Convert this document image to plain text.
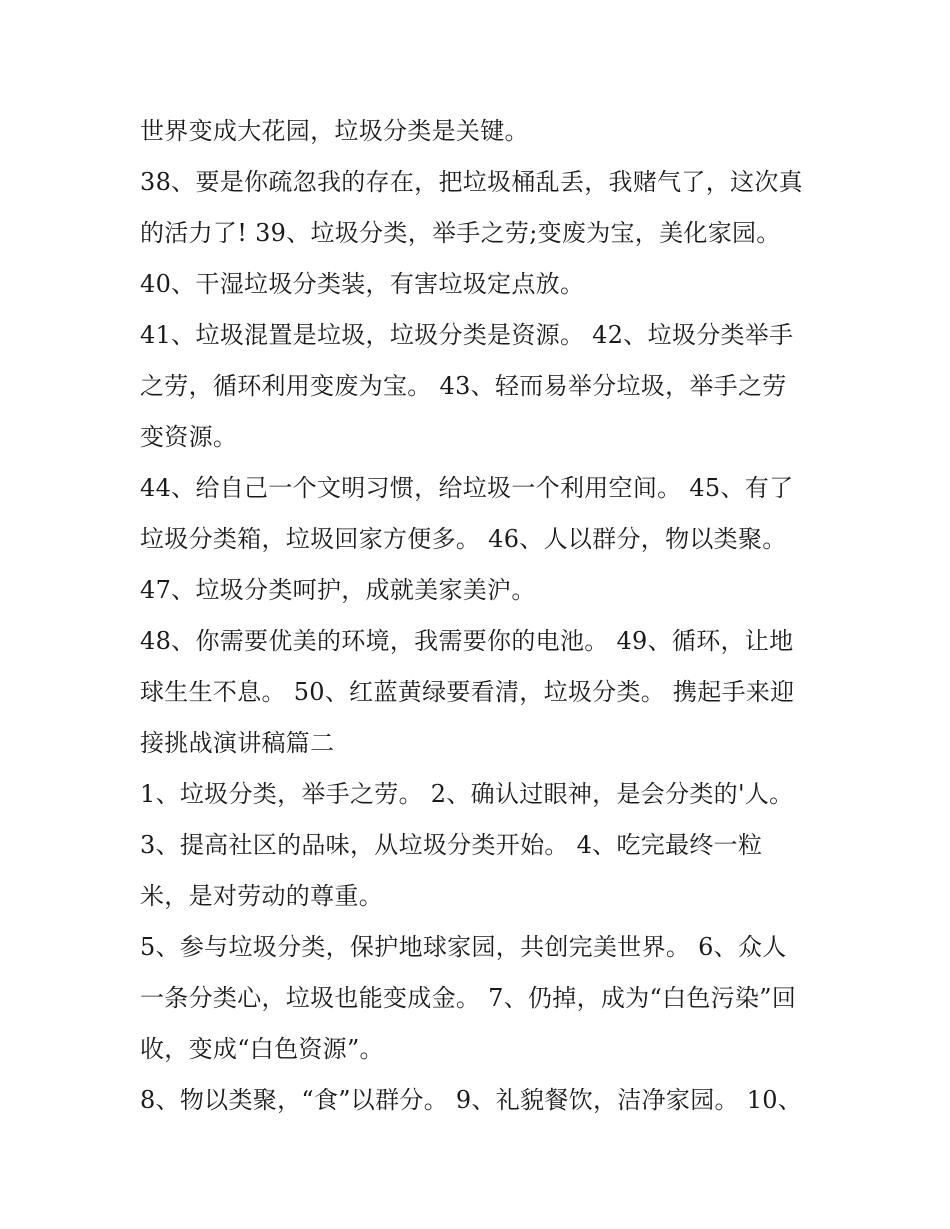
世界变成大花园，垃圾分类是关键。
38、要是你疏忽我的存在，把垃圾桶乱丢，我赌气了，这次真
的活力了! 39、垃圾分类，举手之劳;变废为宝，美化家园。
40、干湿垃圾分类装，有害垃圾定点放。
41、垃圾混置是垃圾，垃圾分类是资源。 42、垃圾分类举手
之劳，循环利用变废为宝。 43、轻而易举分垃圾，举手之劳
变资源。
44、给自己一个文明习惯，给垃圾一个利用空间。 45、有了
垃圾分类箱，垃圾回家方便多。 46、人以群分，物以类聚。
47、垃圾分类呵护，成就美家美沪。
48、你需要优美的环境，我需要你的电池。 49、循环，让地
球生生不息。 50、红蓝黄绿要看清，垃圾分类。 携起手来迎
接挑战演讲稿篇二
1、垃圾分类，举手之劳。 2、确认过眼神，是会分类的'人。
3、提高社区的品味，从垃圾分类开始。 4、吃完最终一粒
米，是对劳动的尊重。
5、参与垃圾分类，保护地球家园，共创完美世界。 6、众人
一条分类心，垃圾也能变成金。 7、仍掉，成为“白色污染”回
收，变成“白色资源”。
8、物以类聚，“食”以群分。 9、礼貌餐饮，洁净家园。 10、
